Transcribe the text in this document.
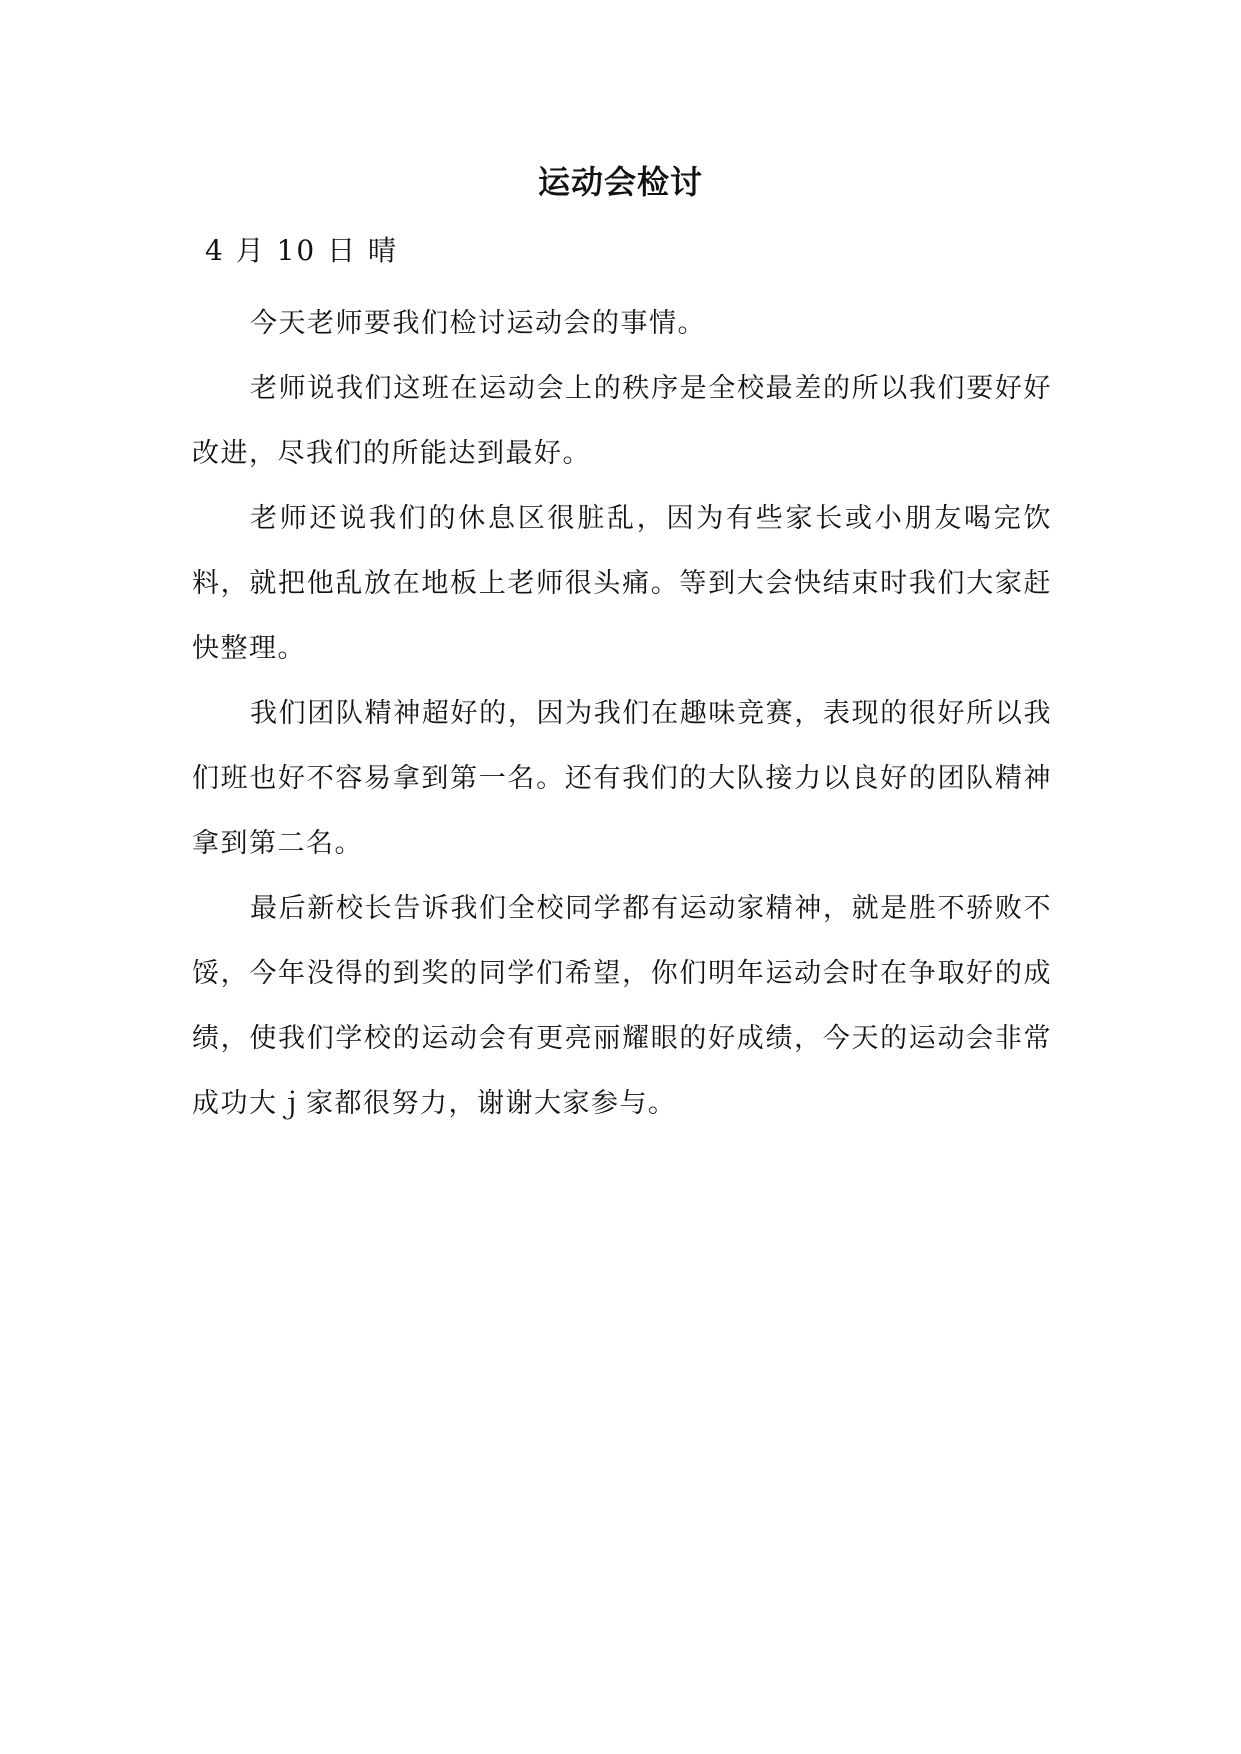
运动会检讨
4 月 10 日 晴

今天老师要我们检讨运动会的事情。

老师说我们这班在运动会上的秩序是全校最差的所以我们要好好改进，尽我们的所能达到最好。

老师还说我们的休息区很脏乱，因为有些家长或小朋友喝完饮料，就把他乱放在地板上老师很头痛。等到大会快结束时我们大家赶快整理。

我们团队精神超好的，因为我们在趣味竞赛，表现的很好所以我们班也好不容易拿到第一名。还有我们的大队接力以良好的团队精神拿到第二名。

最后新校长告诉我们全校同学都有运动家精神，就是胜不骄败不馁，今年没得的到奖的同学们希望，你们明年运动会时在争取好的成绩，使我们学校的运动会有更亮丽耀眼的好成绩，今天的运动会非常成功大ｊ家都很努力，谢谢大家参与。
